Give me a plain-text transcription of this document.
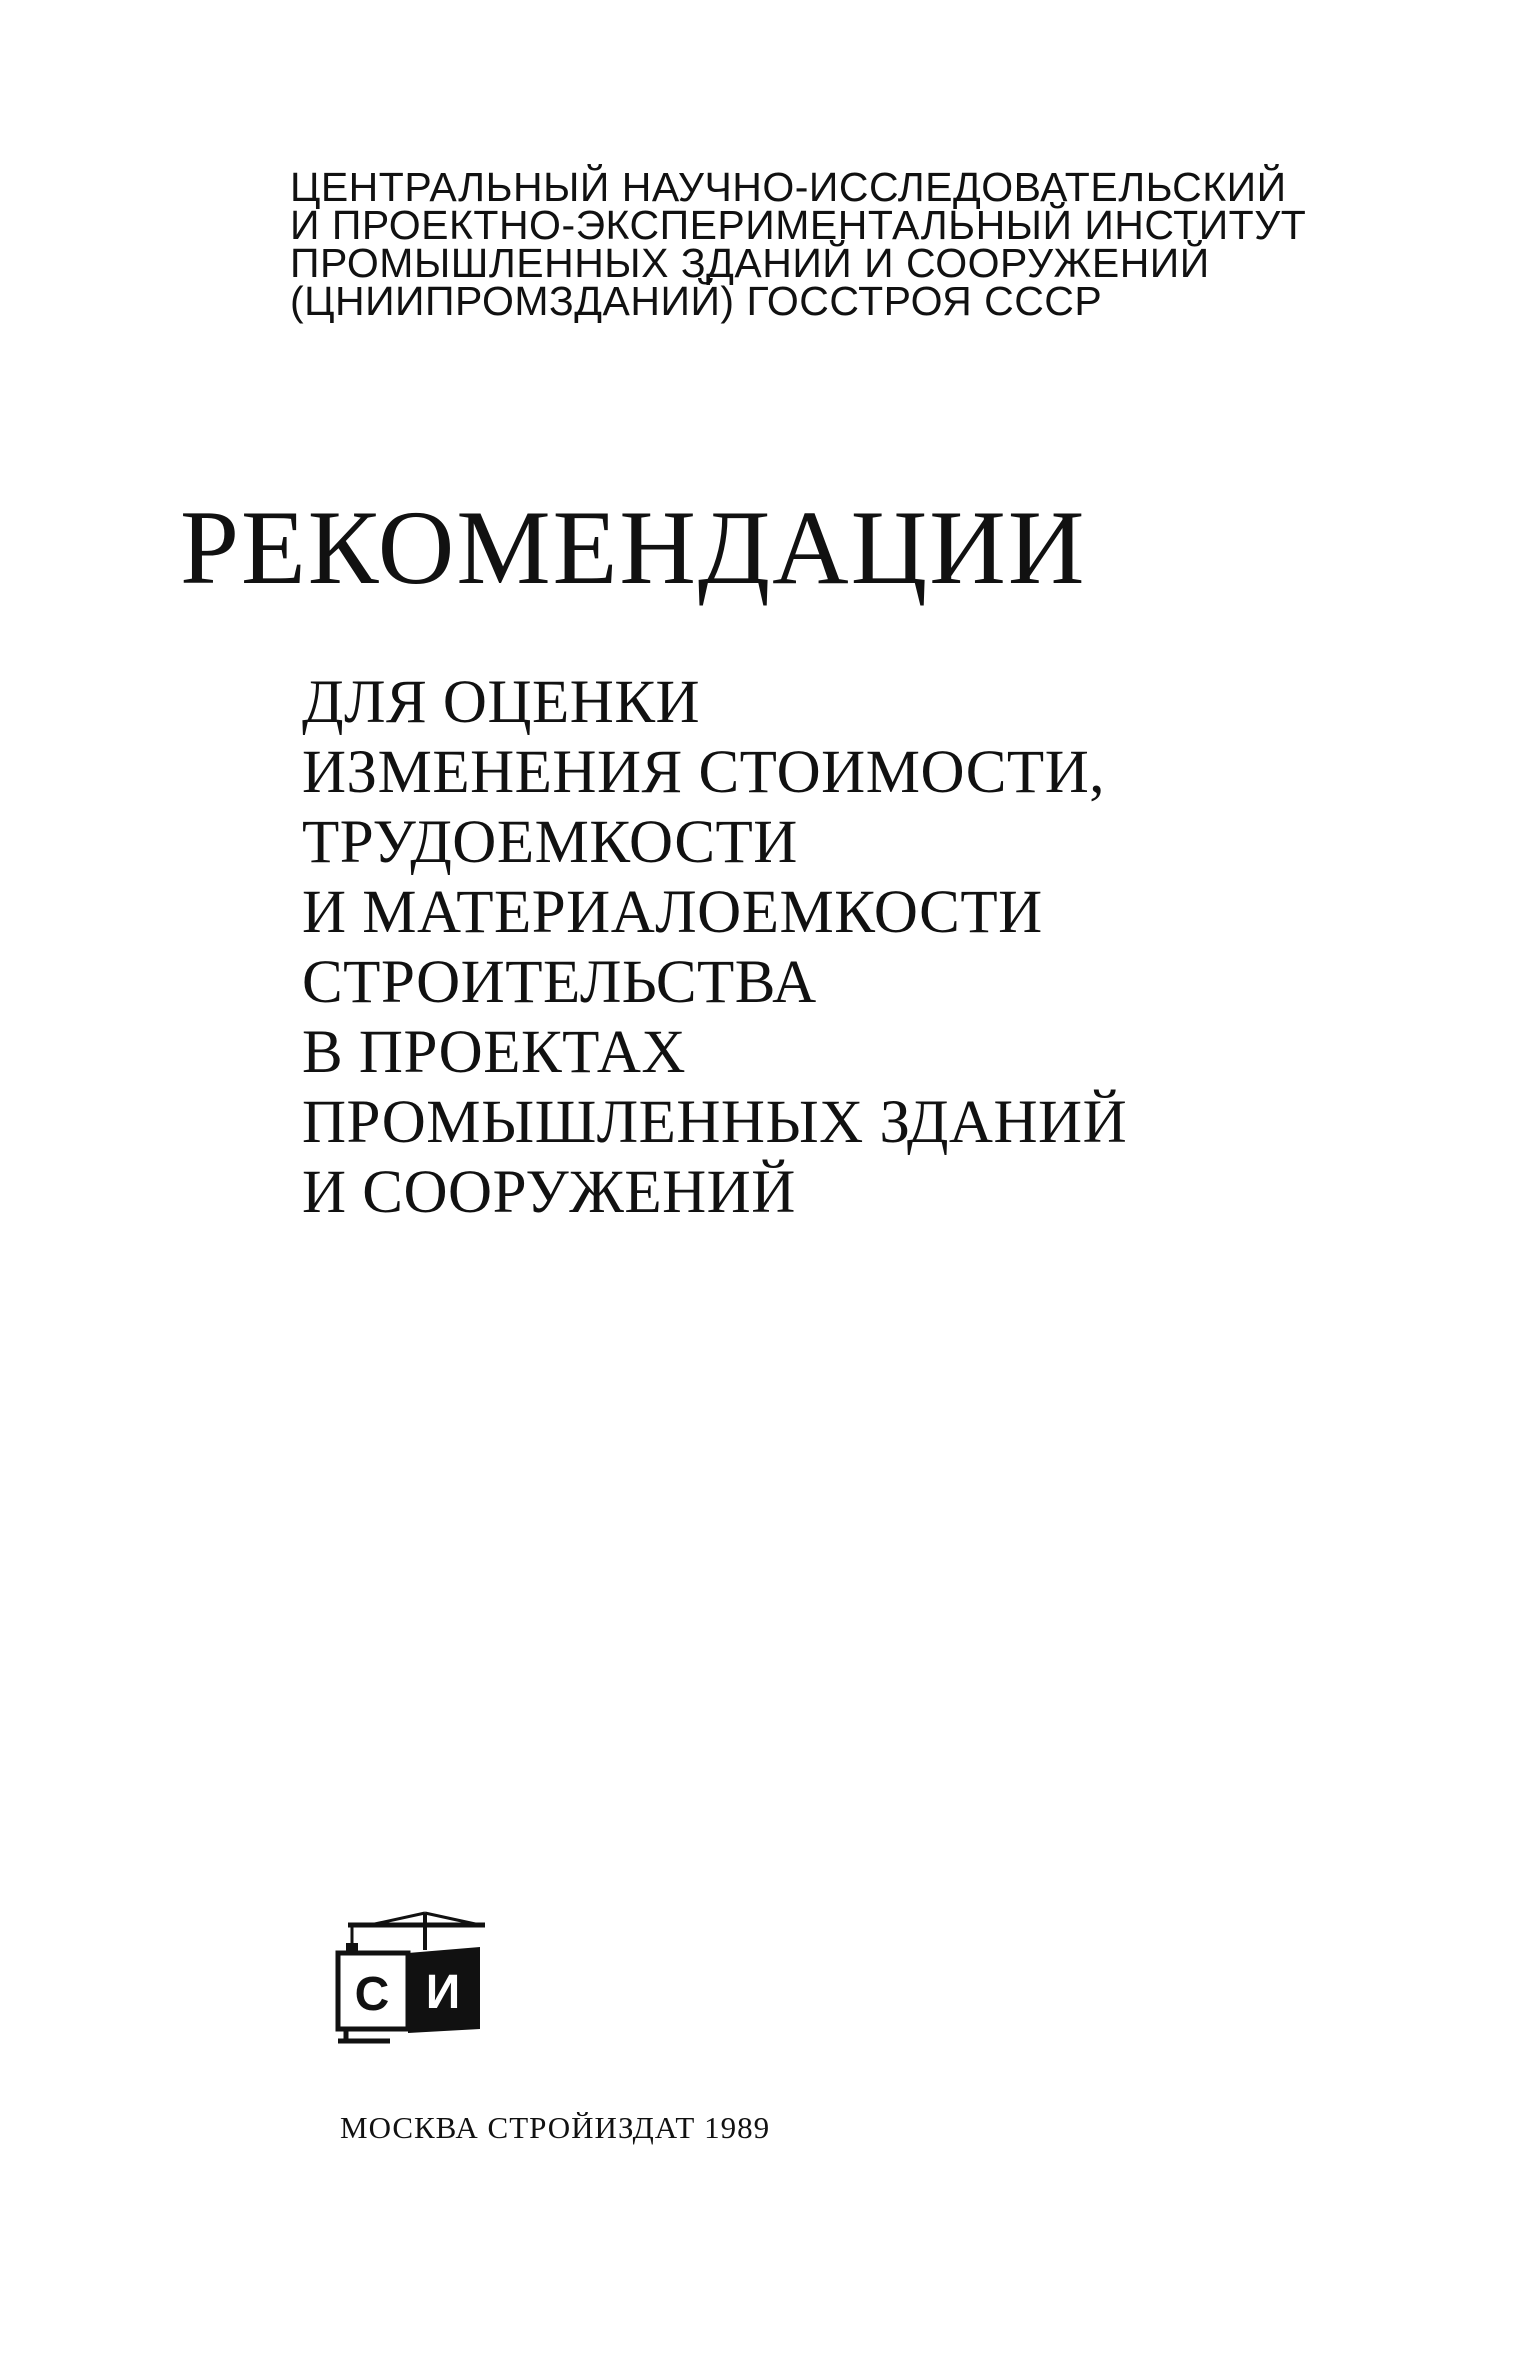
ЦЕНТРАЛЬНЫЙ НАУЧНО-ИССЛЕДОВАТЕЛЬСКИЙ
И ПРОЕКТНО-ЭКСПЕРИМЕНТАЛЬНЫЙ ИНСТИТУТ
ПРОМЫШЛЕННЫХ ЗДАНИЙ И СООРУЖЕНИЙ
(ЦНИИПРОМЗДАНИЙ) ГОССТРОЯ СССР
РЕКОМЕНДАЦИИ
ДЛЯ ОЦЕНКИ
ИЗМЕНЕНИЯ СТОИМОСТИ,
ТРУДОЕМКОСТИ
И МАТЕРИАЛОЕМКОСТИ
СТРОИТЕЛЬСТВА
В ПРОЕКТАХ
ПРОМЫШЛЕННЫХ ЗДАНИЙ
И СООРУЖЕНИЙ
С И
МОСКВА СТРОЙИЗДАТ 1989
